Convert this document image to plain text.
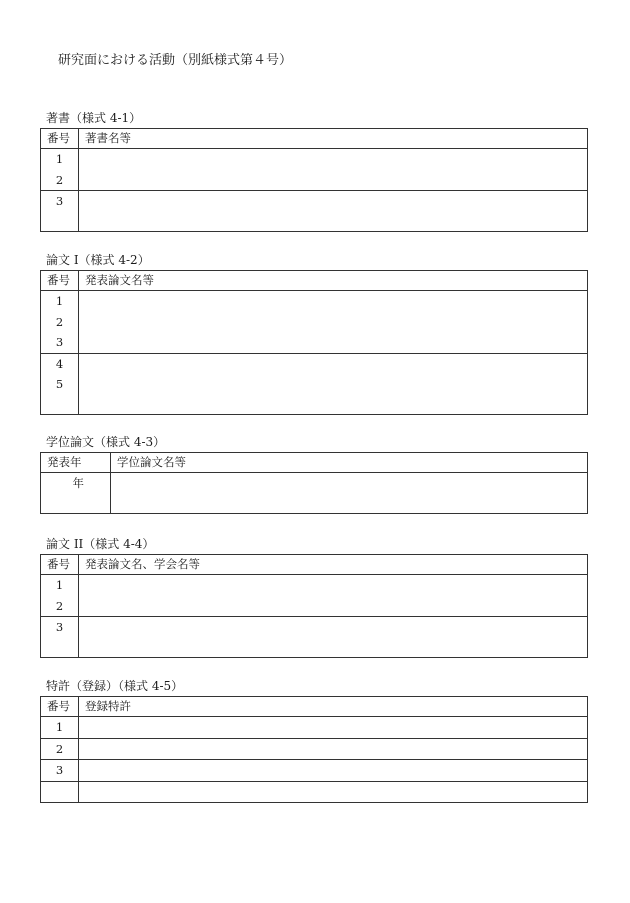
研究面における活動（別紙様式第４号）
著書（様式 4-1）
番号	著書名等

1
2	

3	

論文 I（様式 4-2）
番号	発表論文名等

1
2
3	

4
5	

学位論文（様式 4-3）
発表年	学位論文名等

年	

論文 II（様式 4-4）
番号	発表論文名、学会名等

1
2	

3	

特許（登録）（様式 4-5）
番号	登録特許

1	

2	

3	
